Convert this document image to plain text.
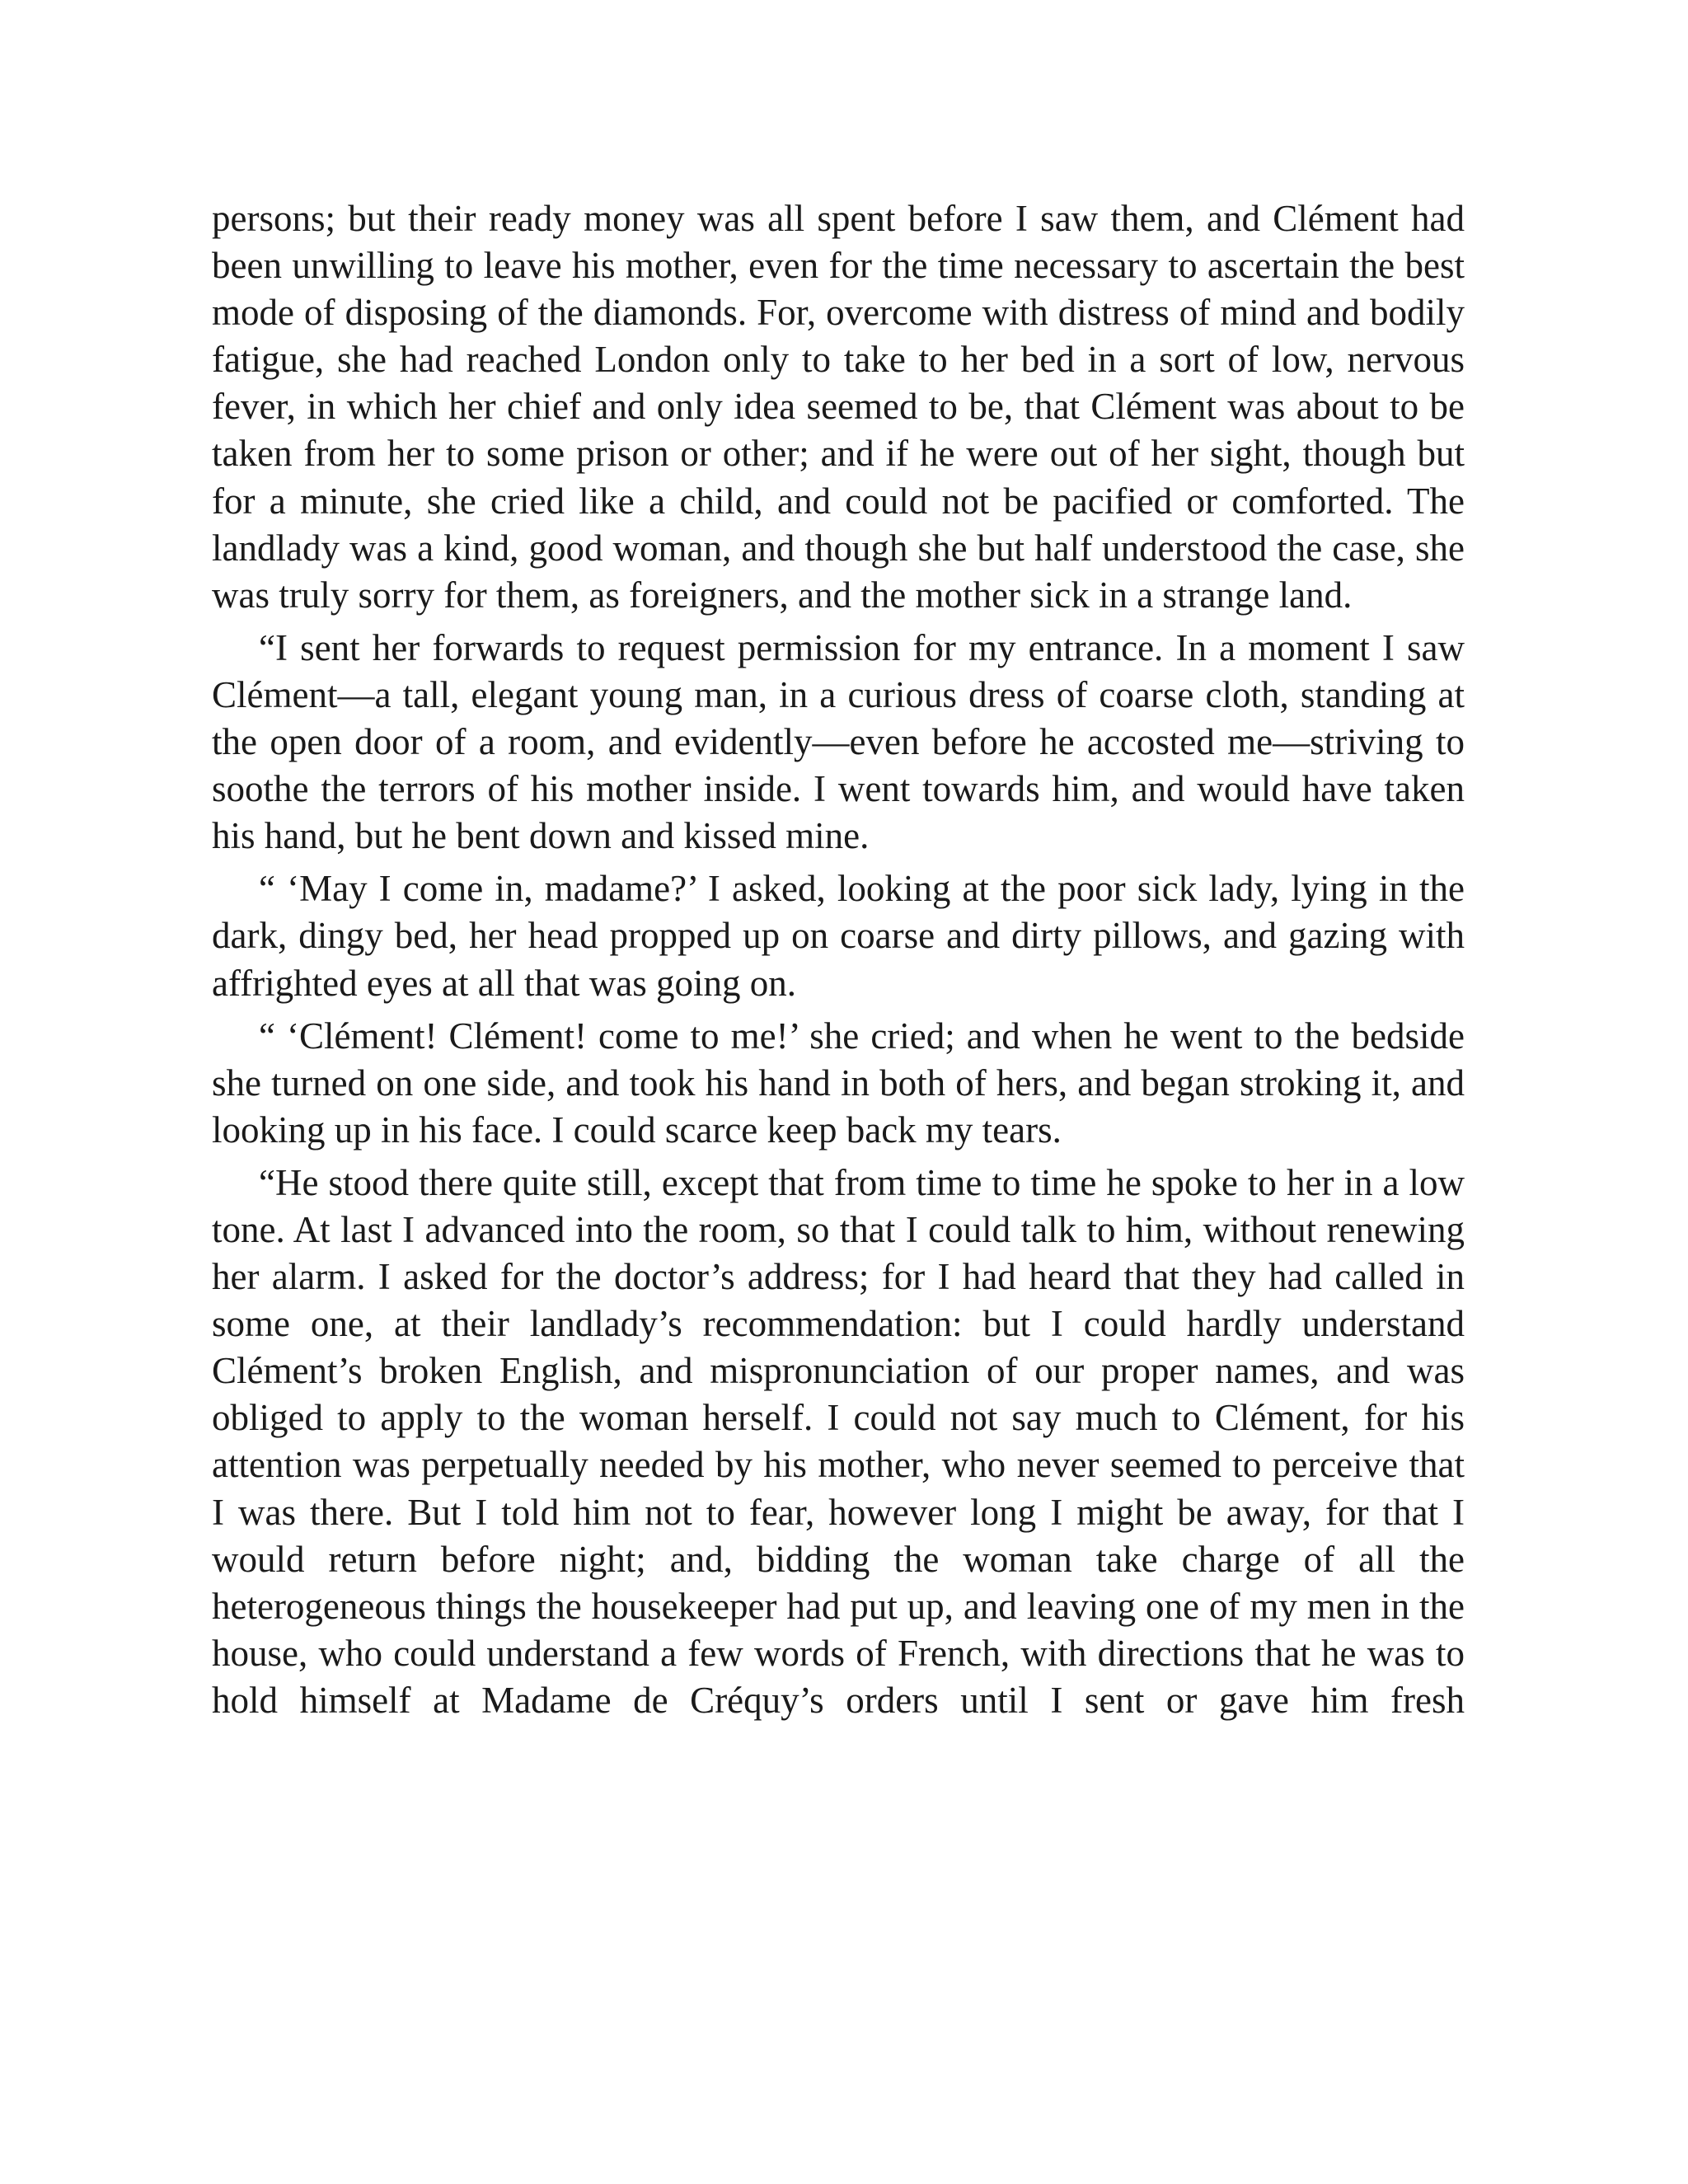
persons; but their ready money was all spent before I saw them, and Clément had been unwilling to leave his mother, even for the time necessary to ascertain the best mode of disposing of the diamonds. For, overcome with distress of mind and bodily fatigue, she had reached London only to take to her bed in a sort of low, nervous fever, in which her chief and only idea seemed to be, that Clément was about to be taken from her to some prison or other; and if he were out of her sight, though but for a minute, she cried like a child, and could not be pacified or comforted. The landlady was a kind, good woman, and though she but half understood the case, she was truly sorry for them, as foreigners, and the mother sick in a strange land.

“I sent her forwards to request permission for my entrance. In a moment I saw Clément—a tall, elegant young man, in a curious dress of coarse cloth, standing at the open door of a room, and evidently—even before he accosted me—striving to soothe the terrors of his mother inside. I went towards him, and would have taken his hand, but he bent down and kissed mine.

“ ‘May I come in, madame?’ I asked, looking at the poor sick lady, lying in the dark, dingy bed, her head propped up on coarse and dirty pillows, and gazing with affrighted eyes at all that was going on.

“ ‘Clément! Clément! come to me!’ she cried; and when he went to the bedside she turned on one side, and took his hand in both of hers, and began stroking it, and looking up in his face. I could scarce keep back my tears.

“He stood there quite still, except that from time to time he spoke to her in a low tone. At last I advanced into the room, so that I could talk to him, without renewing her alarm. I asked for the doctor’s address; for I had heard that they had called in some one, at their landlady’s recommendation: but I could hardly understand Clément’s broken English, and mispronunciation of our proper names, and was obliged to apply to the woman herself. I could not say much to Clément, for his attention was perpetually needed by his mother, who never seemed to perceive that I was there. But I told him not to fear, however long I might be away, for that I would return before night; and, bidding the woman take charge of all the heterogeneous things the housekeeper had put up, and leaving one of my men in the house, who could understand a few words of French, with directions that he was to hold himself at Madame de Créquy’s orders until I sent or gave him fresh
